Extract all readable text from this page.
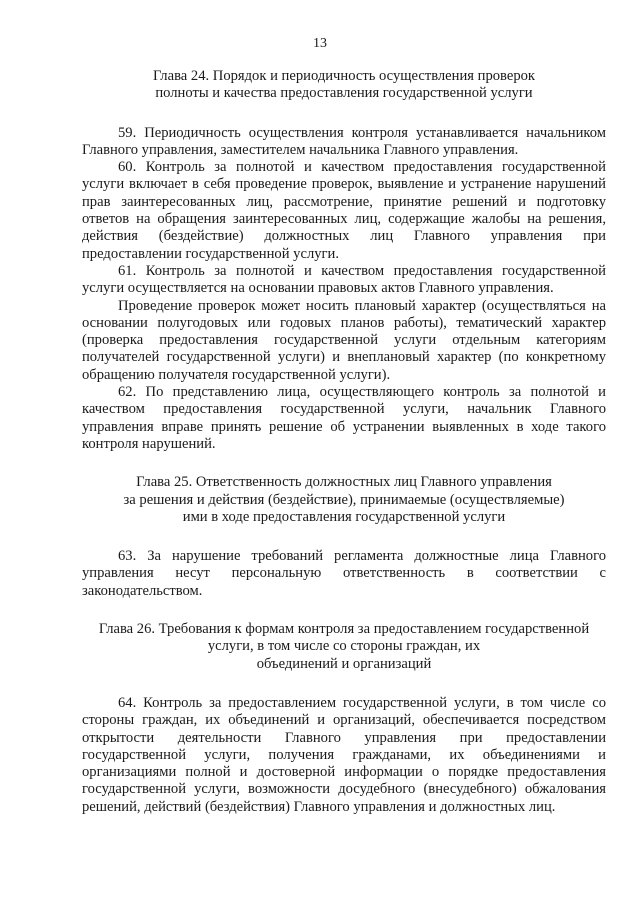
13
Глава 24. Порядок и периодичность осуществления проверок
полноты и качества предоставления государственной услуги

59. Периодичность осуществления контроля устанавливается начальником Главного управления, заместителем начальника Главного управления.

60. Контроль за полнотой и качеством предоставления государственной услуги включает в себя проведение проверок, выявление и устранение нарушений прав заинтересованных лиц, рассмотрение, принятие решений и подготовку ответов на обращения заинтересованных лиц, содержащие жалобы на решения, действия (бездействие) должностных лиц Главного управления при предоставлении государственной услуги.

61. Контроль за полнотой и качеством предоставления государственной услуги осуществляется на основании правовых актов Главного управления.

Проведение проверок может носить плановый характер (осуществляться на основании полугодовых или годовых планов работы), тематический характер (проверка предоставления государственной услуги отдельным категориям получателей государственной услуги) и внеплановый характер (по конкретному обращению получателя государственной услуги).

62. По представлению лица, осуществляющего контроль за полнотой и качеством предоставления государственной услуги, начальник Главного управления вправе принять решение об устранении выявленных в ходе такого контроля нарушений.

Глава 25. Ответственность должностных лиц Главного управления
за решения и действия (бездействие), принимаемые (осуществляемые)
ими в ходе предоставления государственной услуги

63. За нарушение требований регламента должностные лица Главного управления несут персональную ответственность в соответствии с законодательством.

Глава 26. Требования к формам контроля за предоставлением государственной
услуги, в том числе со стороны граждан, их
объединений и организаций

64. Контроль за предоставлением государственной услуги, в том числе со стороны граждан, их объединений и организаций, обеспечивается посредством открытости деятельности Главного управления при предоставлении государственной услуги, получения гражданами, их объединениями и организациями полной и достоверной информации о порядке предоставления государственной услуги, возможности досудебного (внесудебного) обжалования решений, действий (бездействия) Главного управления и должностных лиц.
